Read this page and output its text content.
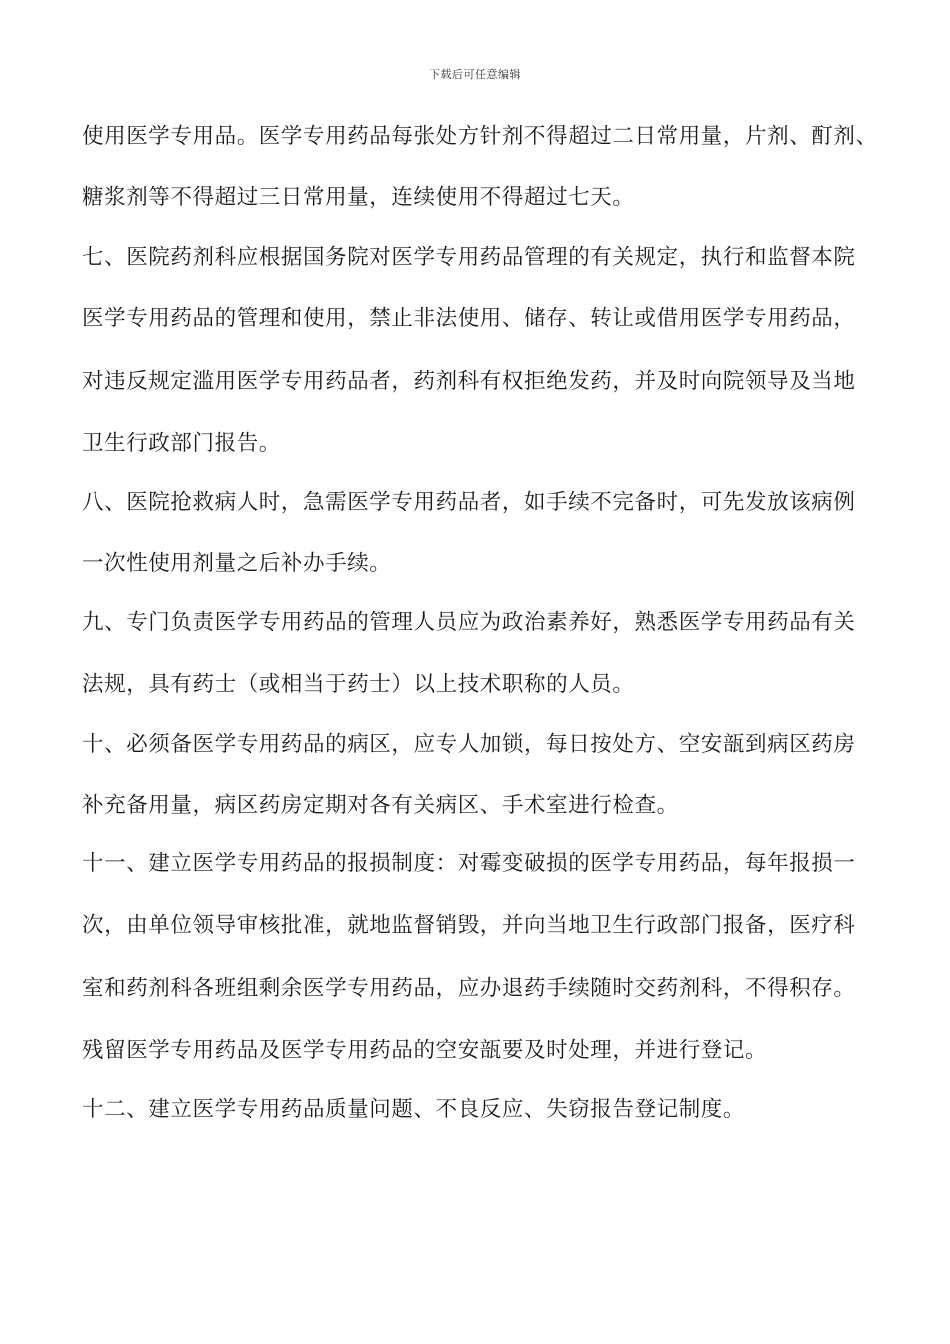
下载后可任意编辑
使用医学专用品。医学专用药品每张处方针剂不得超过二日常用量，片剂、酊剂、
糖浆剂等不得超过三日常用量，连续使用不得超过七天。
七、医院药剂科应根据国务院对医学专用药品管理的有关规定，执行和监督本院
医学专用药品的管理和使用，禁止非法使用、储存、转让或借用医学专用药品，
对违反规定滥用医学专用药品者，药剂科有权拒绝发药，并及时向院领导及当地
卫生行政部门报告。
八、医院抢救病人时，急需医学专用药品者，如手续不完备时，可先发放该病例
一次性使用剂量之后补办手续。
九、专门负责医学专用药品的管理人员应为政治素养好，熟悉医学专用药品有关
法规，具有药士（或相当于药士）以上技术职称的人员。
十、必须备医学专用药品的病区，应专人加锁，每日按处方、空安瓿到病区药房
补充备用量，病区药房定期对各有关病区、手术室进行检查。
十一、建立医学专用药品的报损制度：对霉变破损的医学专用药品，每年报损一
次，由单位领导审核批准，就地监督销毁，并向当地卫生行政部门报备，医疗科
室和药剂科各班组剩余医学专用药品，应办退药手续随时交药剂科，不得积存。
残留医学专用药品及医学专用药品的空安瓿要及时处理，并进行登记。
十二、建立医学专用药品质量问题、不良反应、失窃报告登记制度。
